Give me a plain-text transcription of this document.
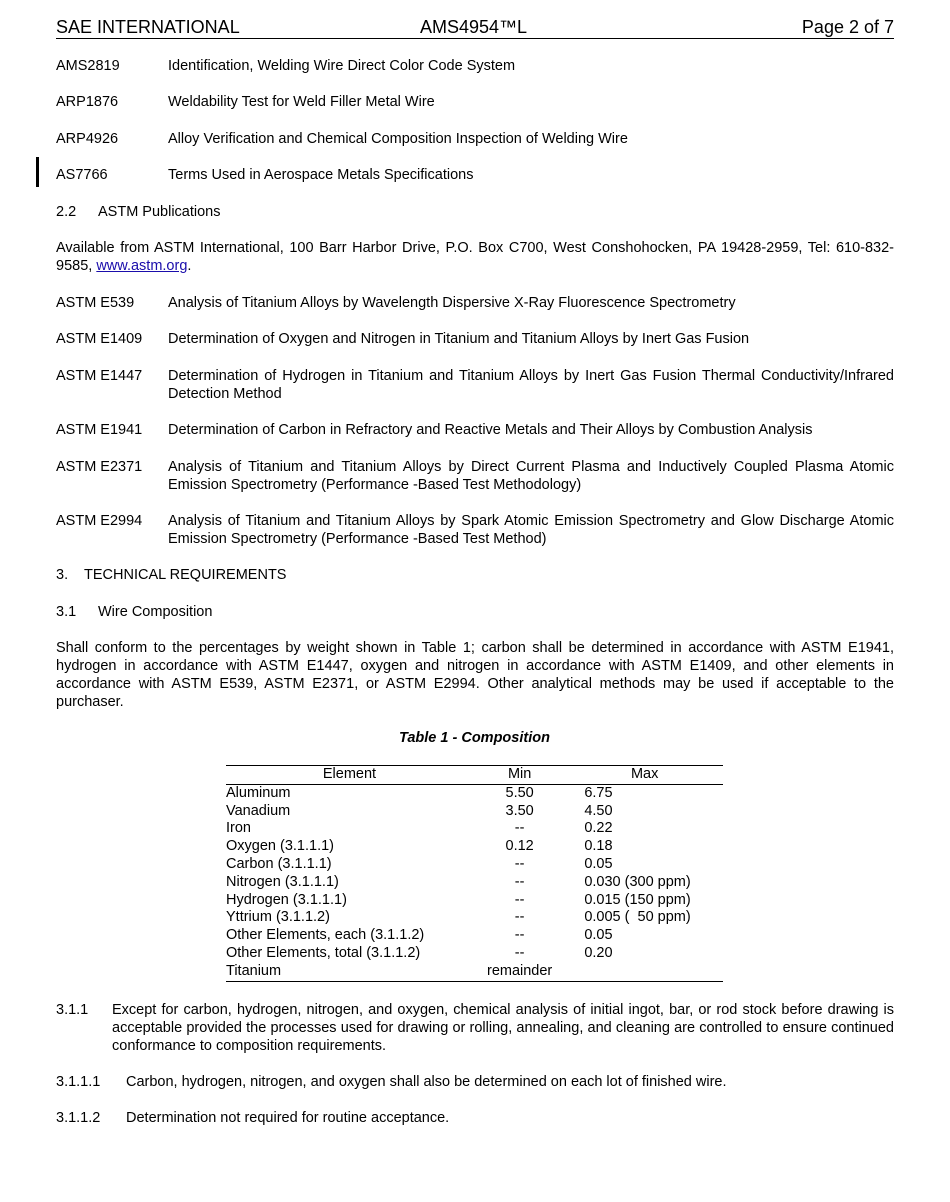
SAE INTERNATIONAL	AMS4954™L	Page 2 of 7
AMS2819	Identification, Welding Wire Direct Color Code System
ARP1876	Weldability Test for Weld Filler Metal Wire
ARP4926	Alloy Verification and Chemical Composition Inspection of Welding Wire
AS7766	Terms Used in Aerospace Metals Specifications
2.2 ASTM Publications
Available from ASTM International, 100 Barr Harbor Drive, P.O. Box C700, West Conshohocken, PA 19428-2959, Tel: 610-832-9585, www.astm.org.
ASTM E539 Analysis of Titanium Alloys by Wavelength Dispersive X-Ray Fluorescence Spectrometry
ASTM E1409 Determination of Oxygen and Nitrogen in Titanium and Titanium Alloys by Inert Gas Fusion
ASTM E1447 Determination of Hydrogen in Titanium and Titanium Alloys by Inert Gas Fusion Thermal Conductivity/Infrared Detection Method
ASTM E1941 Determination of Carbon in Refractory and Reactive Metals and Their Alloys by Combustion Analysis
ASTM E2371 Analysis of Titanium and Titanium Alloys by Direct Current Plasma and Inductively Coupled Plasma Atomic Emission Spectrometry (Performance -Based Test Methodology)
ASTM E2994 Analysis of Titanium and Titanium Alloys by Spark Atomic Emission Spectrometry and Glow Discharge Atomic Emission Spectrometry (Performance -Based Test Method)
3. TECHNICAL REQUIREMENTS
3.1 Wire Composition
Shall conform to the percentages by weight shown in Table 1; carbon shall be determined in accordance with ASTM E1941, hydrogen in accordance with ASTM E1447, oxygen and nitrogen in accordance with ASTM E1409, and other elements in accordance with ASTM E539, ASTM E2371, or ASTM E2994. Other analytical methods may be used if acceptable to the purchaser.
Table 1 - Composition
Element	Min	Max
Aluminum	5.50	6.75
Vanadium	3.50	4.50
Iron	--	0.22
Oxygen (3.1.1.1)	0.12	0.18
Carbon (3.1.1.1)	--	0.05
Nitrogen (3.1.1.1)	--	0.030 (300 ppm)
Hydrogen (3.1.1.1)	--	0.015 (150 ppm)
Yttrium (3.1.1.2)	--	0.005 (  50 ppm)
Other Elements, each (3.1.1.2)	--	0.05
Other Elements, total (3.1.1.2)	--	0.20
Titanium	remainder	
3.1.1 Except for carbon, hydrogen, nitrogen, and oxygen, chemical analysis of initial ingot, bar, or rod stock before drawing is acceptable provided the processes used for drawing or rolling, annealing, and cleaning are controlled to ensure continued conformance to composition requirements.
3.1.1.1 Carbon, hydrogen, nitrogen, and oxygen shall also be determined on each lot of finished wire.
3.1.1.2 Determination not required for routine acceptance.
